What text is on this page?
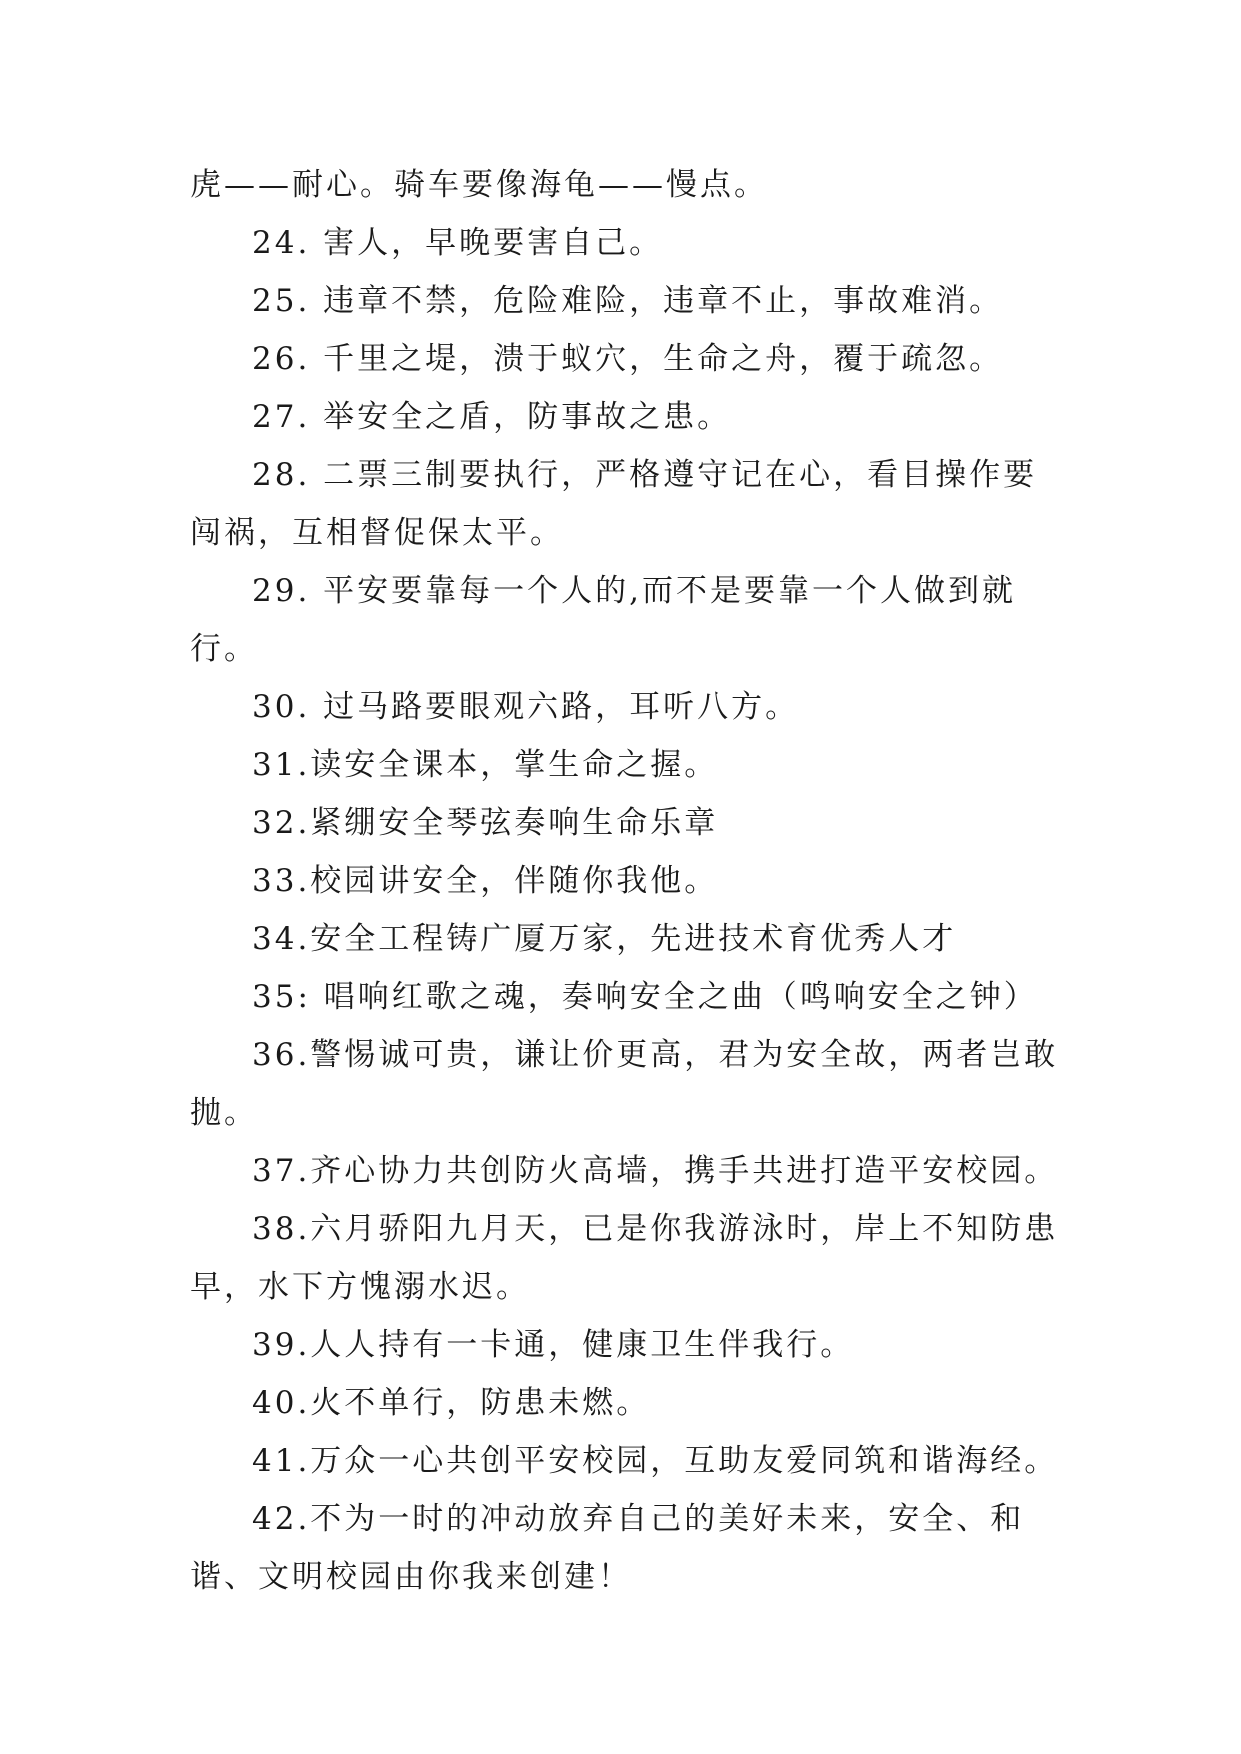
虎——耐心。骑车要像海龟——慢点。

24. 害人，早晚要害自己。

25. 违章不禁，危险难险，违章不止，事故难消。

26. 千里之堤，溃于蚁穴，生命之舟，覆于疏忽。

27. 举安全之盾，防事故之患。

28. 二票三制要执行，严格遵守记在心，看目操作要闯祸，互相督促保太平。

29. 平安要靠每一个人的,而不是要靠一个人做到就行。

30. 过马路要眼观六路，耳听八方。

31.读安全课本，掌生命之握。

32.紧绷安全琴弦奏响生命乐章

33.校园讲安全，伴随你我他。

34.安全工程铸广厦万家，先进技术育优秀人才

35: 唱响红歌之魂，奏响安全之曲（鸣响安全之钟）

36.警惕诚可贵，谦让价更高，君为安全故，两者岂敢抛。

37.齐心协力共创防火高墙，携手共进打造平安校园。

38.六月骄阳九月天，已是你我游泳时，岸上不知防患早，水下方愧溺水迟。

39.人人持有一卡通，健康卫生伴我行。

40.火不单行，防患未燃。

41.万众一心共创平安校园，互助友爱同筑和谐海经。

42.不为一时的冲动放弃自己的美好未来，安全、和谐、文明校园由你我来创建！
